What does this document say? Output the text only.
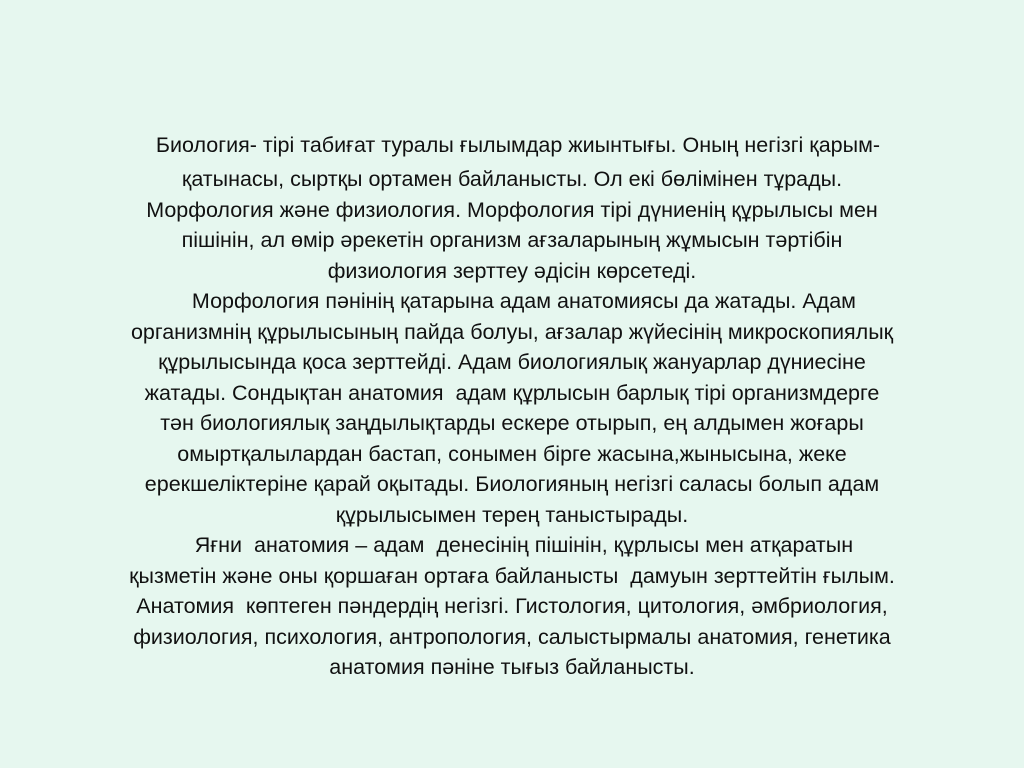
Биология- тірі табиғат туралы ғылымдар жиынтығы. Оның негізгі қарым-
қатынасы, сыртқы ортамен байланысты. Ол екі бөлімінен тұрады.
Морфология және физиология. Морфология тірі дүниенің құрылысы мен
пішінін, ал өмір әрекетін организм ағзаларының жұмысын тәртібін
физиология зерттеу әдісін көрсетеді.
Морфология пәнінің қатарына адам анатомиясы да жатады. Адам
организмнің құрылысының пайда болуы, ағзалар жүйесінің микроскопиялық
құрылысында қоса зерттейді. Адам биологиялық жануарлар дүниесіне
жатады. Сондықтан анатомия  адам құрлысын барлық тірі организмдерге
тән биологиялық заңдылықтарды ескере отырып, ең алдымен жоғары
омыртқалылардан бастап, сонымен бірге жасына,жынысына, жеке
ерекшеліктеріне қарай оқытады. Биологияның негізгі саласы болып адам
құрылысымен терең таныстырады.
Яғни  анатомия – адам  денесінің пішінін, құрлысы мен атқаратын
қызметін және оны қоршаған ортаға байланысты  дамуын зерттейтін ғылым.
Анатомия  көптеген пәндердің негізгі. Гистология, цитология, әмбриология,
физиология, психология, антропология, салыстырмалы анатомия, генетика
анатомия пәніне тығыз байланысты.
